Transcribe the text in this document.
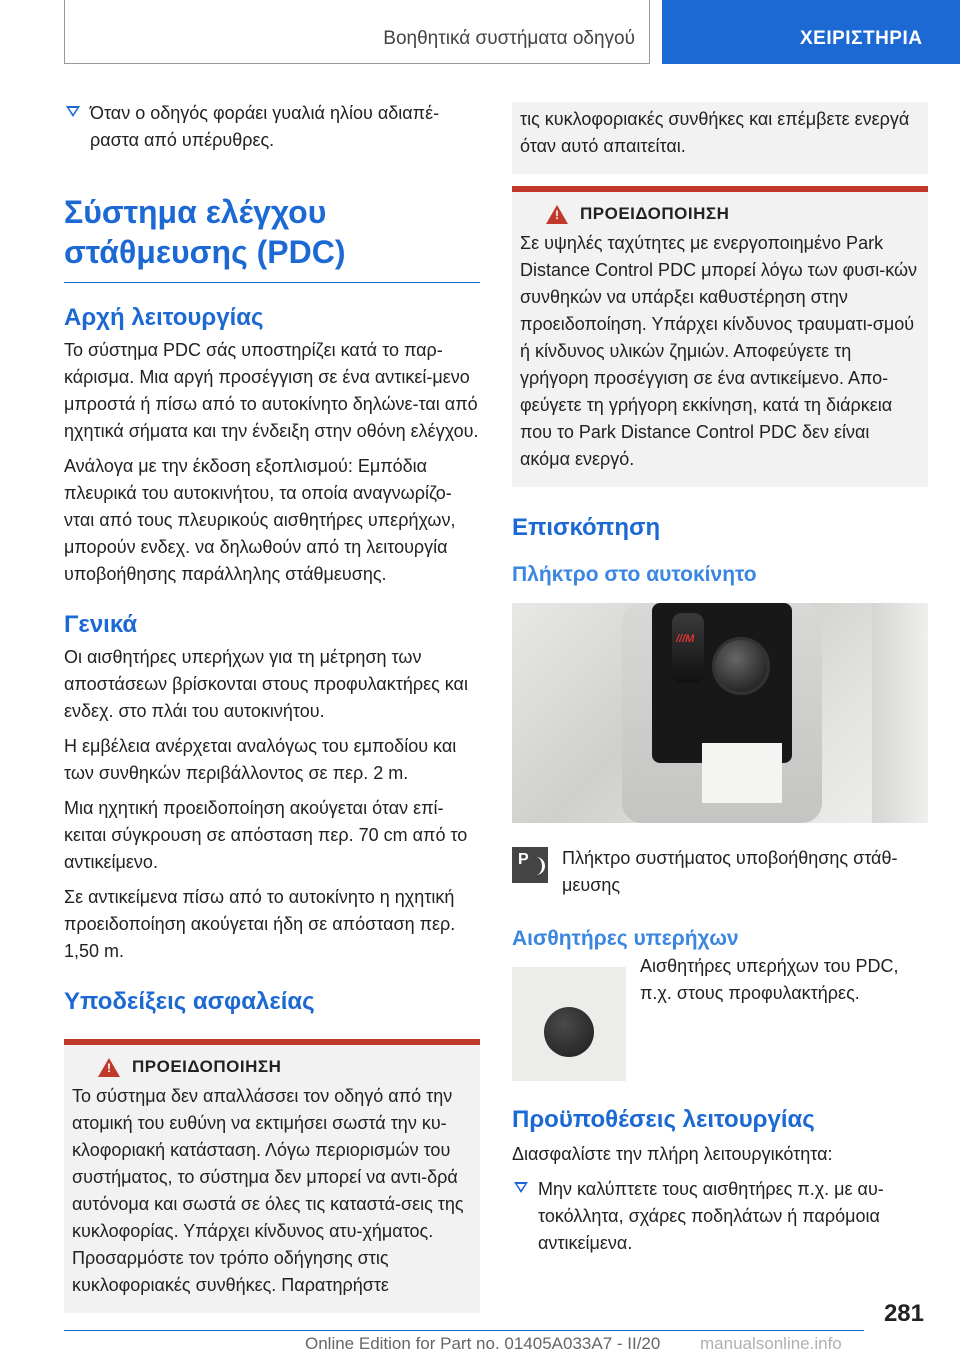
Βοηθητικά συστήματα οδηγού	ΧΕΙΡΙΣΤΗΡΙΑ
Όταν ο οδηγός φοράει γυαλιά ηλίου αδιαπέ-ραστα από υπέρυθρες.
Σύστημα ελέγχου στάθμευσης (PDC)
Αρχή λειτουργίας

Το σύστημα PDC σάς υποστηρίζει κατά το παρ-κάρισμα. Μια αργή προσέγγιση σε ένα αντικεί-μενο μπροστά ή πίσω από το αυτοκίνητο δηλώνε-ται από ηχητικά σήματα και την ένδειξη στην οθόνη ελέγχου.

Ανάλογα με την έκδοση εξοπλισμού: Εμπόδια πλευρικά του αυτοκινήτου, τα οποία αναγνωρίζο-νται από τους πλευρικούς αισθητήρες υπερήχων, μπορούν ενδεχ. να δηλωθούν από τη λειτουργία υποβοήθησης παράλληλης στάθμευσης.

Γενικά

Οι αισθητήρες υπερήχων για τη μέτρηση των αποστάσεων βρίσκονται στους προφυλακτήρες και ενδεχ. στο πλάι του αυτοκινήτου.

Η εμβέλεια ανέρχεται αναλόγως του εμποδίου και των συνθηκών περιβάλλοντος σε περ. 2 m.

Μια ηχητική προειδοποίηση ακούγεται όταν επί-κειται σύγκρουση σε απόσταση περ. 70 cm από το αντικείμενο.

Σε αντικείμενα πίσω από το αυτοκίνητο η ηχητική προειδοποίηση ακούγεται ήδη σε απόσταση περ. 1,50 m.

Υποδείξεις ασφαλείας
!
ΠΡΟΕΙΔΟΠΟΙΗΣΗ
Το σύστημα δεν απαλλάσσει τον οδηγό από την ατομική του ευθύνη να εκτιμήσει σωστά την κυ-κλοφοριακή κατάσταση. Λόγω περιορισμών του συστήματος, το σύστημα δεν μπορεί να αντι-δρά αυτόνομα και σωστά σε όλες τις καταστά-σεις της κυκλοφορίας. Υπάρχει κίνδυνος ατυ-χήματος. Προσαρμόστε τον τρόπο οδήγησης στις κυκλοφοριακές συνθήκες. Παρατηρήστε
τις κυκλοφοριακές συνθήκες και επέμβετε ενεργά όταν αυτό απαιτείται.
!
ΠΡΟΕΙΔΟΠΟΙΗΣΗ
Σε υψηλές ταχύτητες με ενεργοποιημένο Park Distance Control PDC μπορεί λόγω των φυσι-κών συνθηκών να υπάρξει καθυστέρηση στην προειδοποίηση. Υπάρχει κίνδυνος τραυματι-σμού ή κίνδυνος υλικών ζημιών. Αποφεύγετε τη γρήγορη προσέγγιση σε ένα αντικείμενο. Απο-φεύγετε τη γρήγορη εκκίνηση, κατά τη διάρκεια που το Park Distance Control PDC δεν είναι ακόμα ενεργό.
Επισκόπηση
Πλήκτρο στο αυτοκίνητο
///M
P
Πλήκτρο συστήματος υποβοήθησης στάθ-μευσης
Αισθητήρες υπερήχων
Αισθητήρες υπερήχων του PDC, π.χ. στους προφυλακτήρες.
Προϋποθέσεις λειτουργίας

Διασφαλίστε την πλήρη λειτουργικότητα:

Μην καλύπτετε τους αισθητήρες π.χ. με αυ-τοκόλλητα, σχάρες ποδηλάτων ή παρόμοια αντικείμενα.
281
Online Edition for Part no. 01405A033A7 - II/20 manualsonline.info
